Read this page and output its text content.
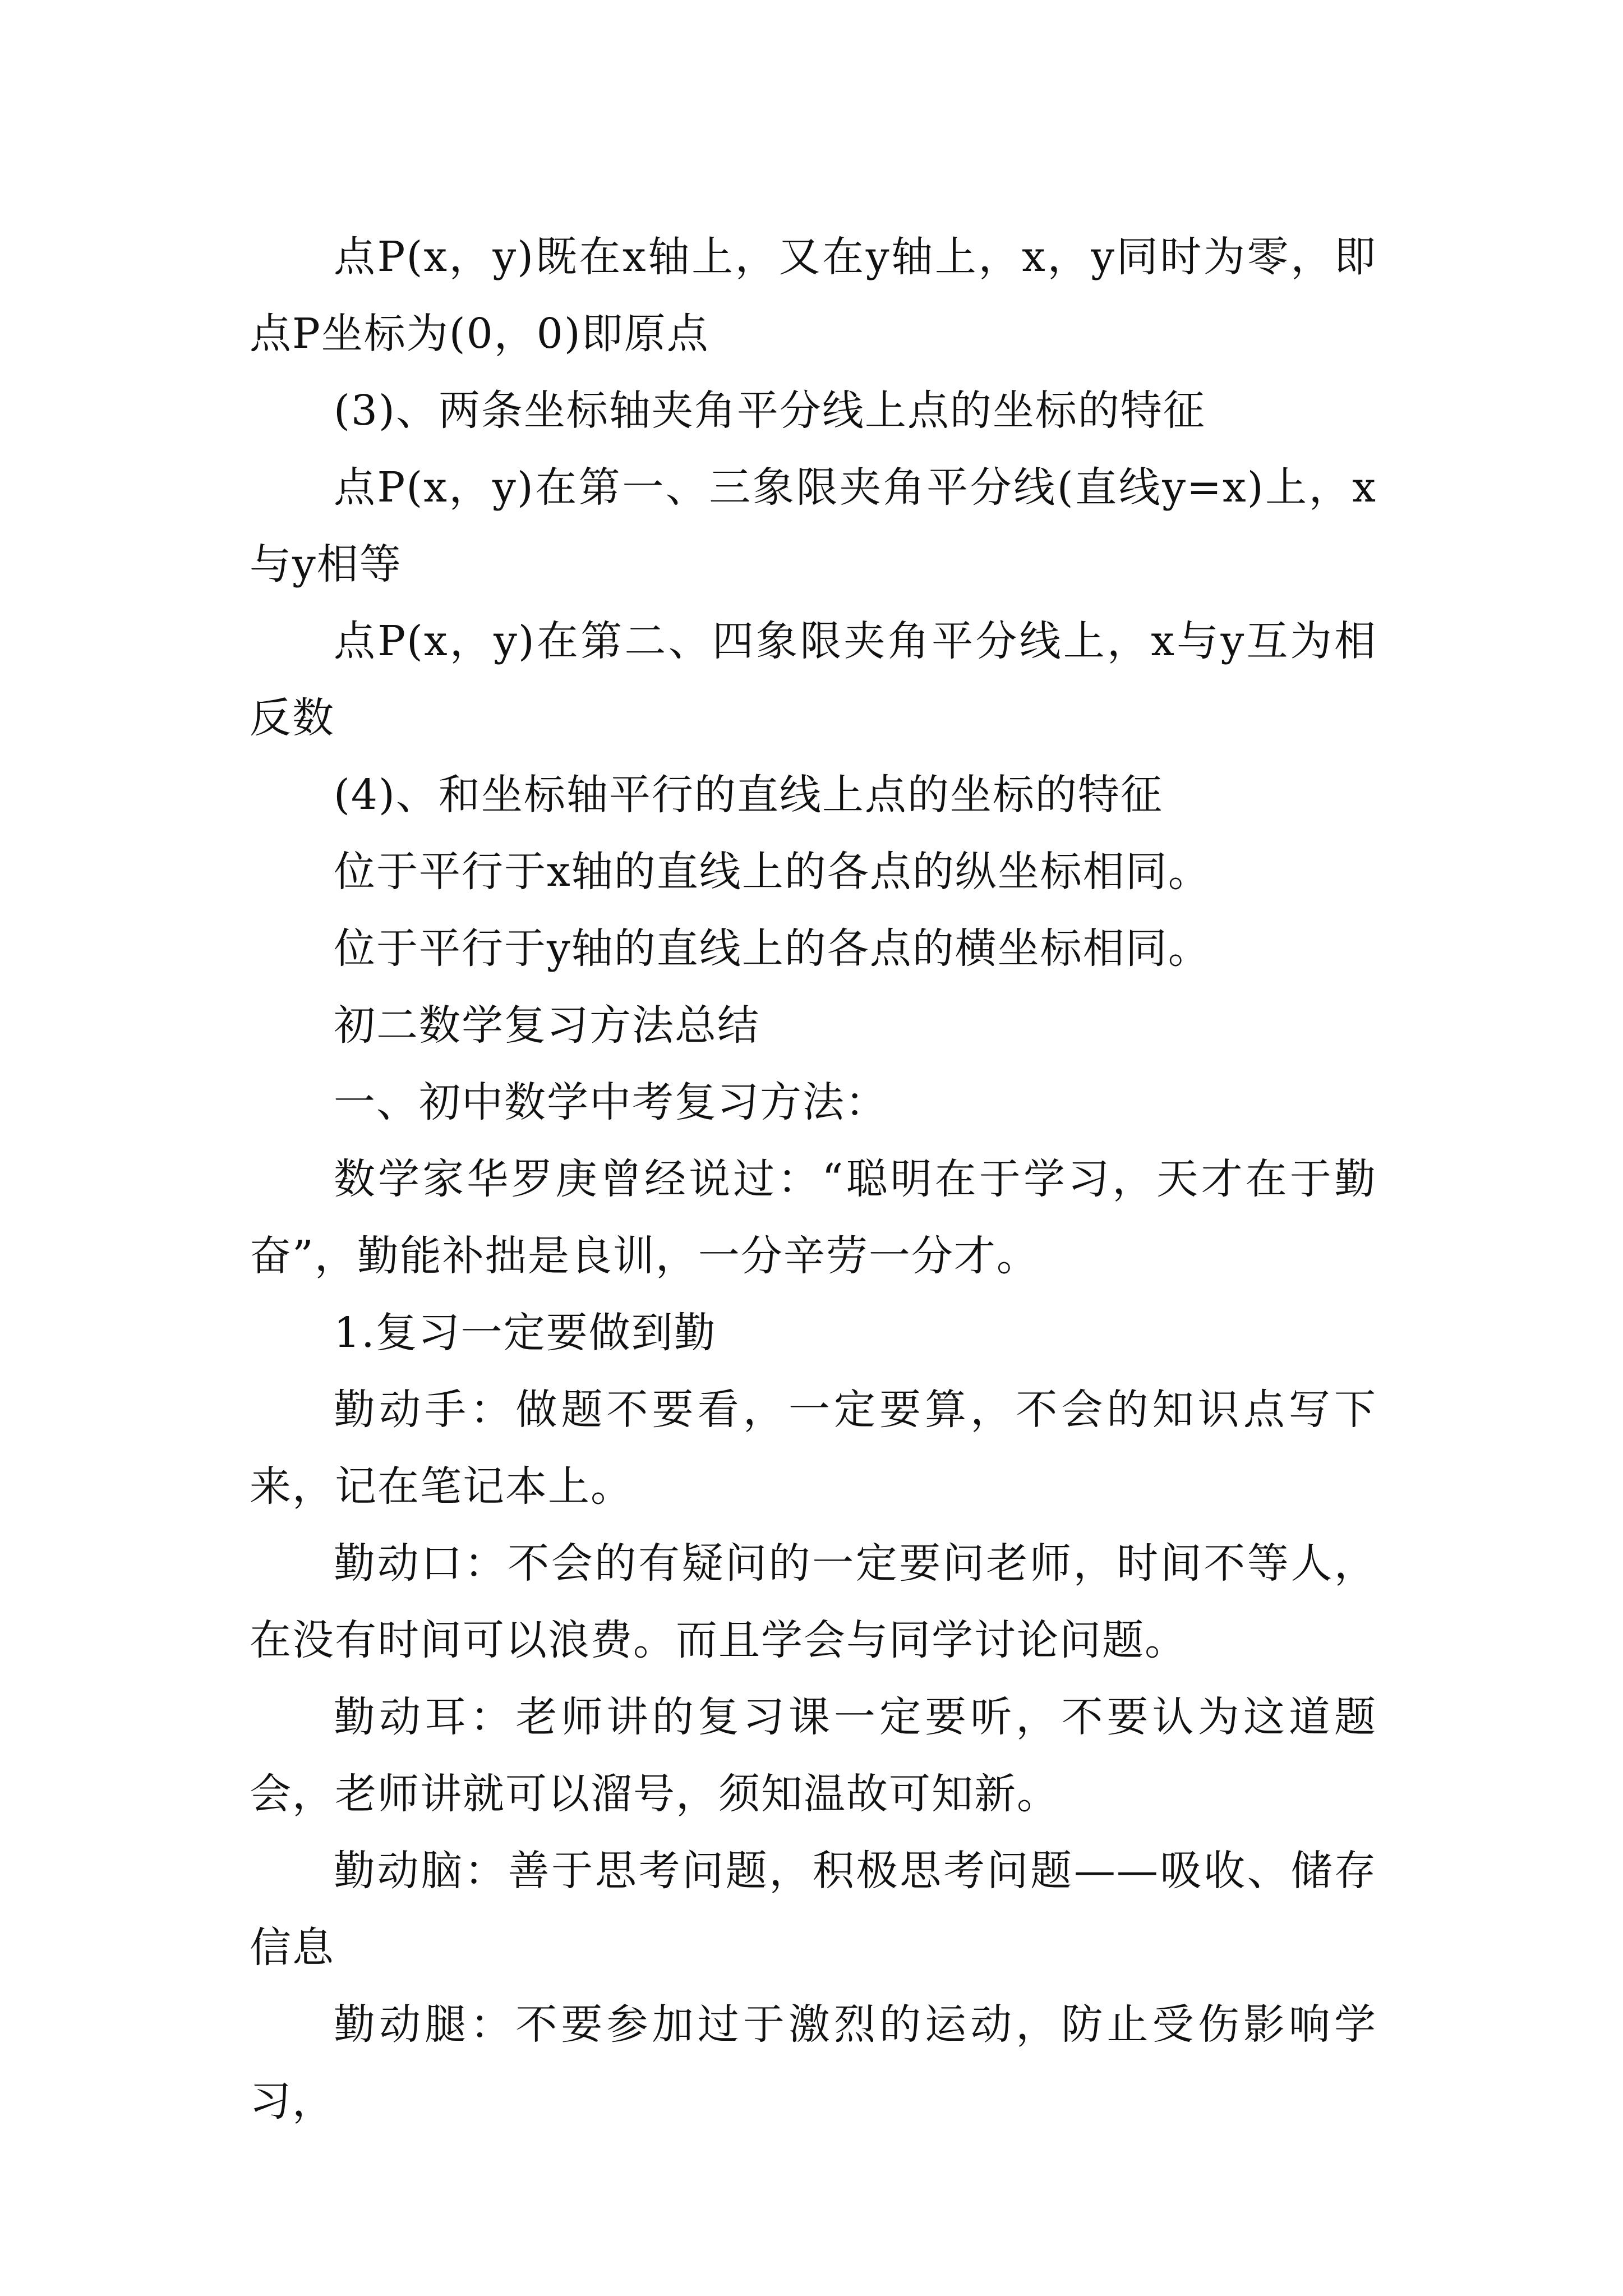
点P(x，y)既在x轴上，又在y轴上，x，y同时为零，即点P坐标为(0，0)即原点

(3)、两条坐标轴夹角平分线上点的坐标的特征

点P(x，y)在第一、三象限夹角平分线(直线y=x)上，x与y相等

点P(x，y)在第二、四象限夹角平分线上，x与y互为相反数

(4)、和坐标轴平行的直线上点的坐标的特征

位于平行于x轴的直线上的各点的纵坐标相同。

位于平行于y轴的直线上的各点的横坐标相同。

初二数学复习方法总结

一、初中数学中考复习方法：

数学家华罗庚曾经说过：“聪明在于学习，天才在于勤奋”，勤能补拙是良训，一分辛劳一分才。

1.复习一定要做到勤

勤动手：做题不要看，一定要算，不会的知识点写下来，记在笔记本上。

勤动口：不会的有疑问的一定要问老师，时间不等人，在没有时间可以浪费。而且学会与同学讨论问题。

勤动耳：老师讲的复习课一定要听，不要认为这道题会，老师讲就可以溜号，须知温故可知新。

勤动脑：善于思考问题，积极思考问题——吸收、储存信息

勤动腿：不要参加过于激烈的运动，防止受伤影响学习，
